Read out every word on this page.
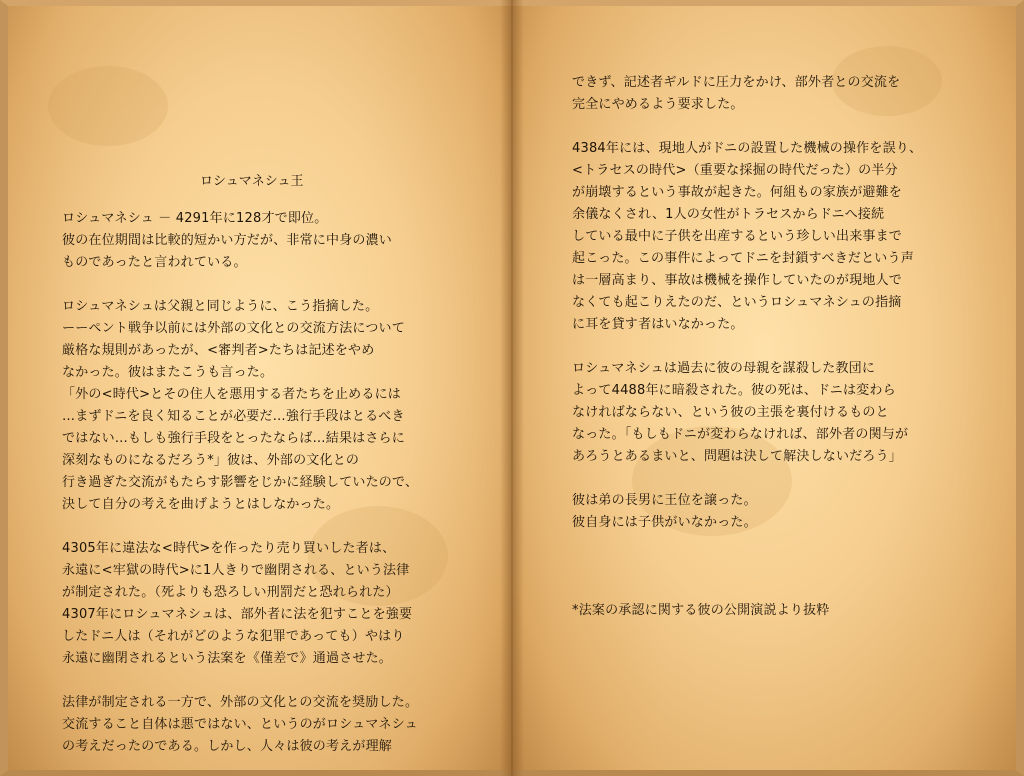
ロシュマネシュ王
ロシュマネシュ － 4291年に128才で即位。
彼の在位期間は比較的短かい方だが、非常に中身の濃い
ものであったと言われている。
ロシュマネシュは父親と同じように、こう指摘した。
ーーペント戦争以前には外部の文化との交流方法について
厳格な規則があったが、<審判者>たちは記述をやめ
なかった。彼はまたこうも言った。
「外の<時代>とその住人を悪用する者たちを止めるには
…まずドニを良く知ることが必要だ…強行手段はとるべき
ではない…もしも強行手段をとったならば…結果はさらに
深刻なものになるだろう*」彼は、外部の文化との
行き過ぎた交流がもたらす影響をじかに経験していたので、
決して自分の考えを曲げようとはしなかった。
4305年に違法な<時代>を作ったり売り買いした者は、
永遠に<牢獄の時代>に1人きりで幽閉される、という法律
が制定された。（死よりも恐ろしい刑罰だと恐れられた）
4307年にロシュマネシュは、部外者に法を犯すことを強要
したドニ人は（それがどのような犯罪であっても）やはり
永遠に幽閉されるという法案を《僅差で》通過させた。
法律が制定される一方で、外部の文化との交流を奨励した。
交流すること自体は悪ではない、というのがロシュマネシュ
の考えだったのである。しかし、人々は彼の考えが理解
できず、記述者ギルドに圧力をかけ、部外者との交流を
完全にやめるよう要求した。
4384年には、現地人がドニの設置した機械の操作を誤り、
<トラセスの時代>（重要な採掘の時代だった）の半分
が崩壊するという事故が起きた。何組もの家族が避難を
余儀なくされ、1人の女性がトラセスからドニへ接続
している最中に子供を出産するという珍しい出来事まで
起こった。この事件によってドニを封鎖すべきだという声
は一層高まり、事故は機械を操作していたのが現地人で
なくても起こりえたのだ、というロシュマネシュの指摘
に耳を貸す者はいなかった。
ロシュマネシュは過去に彼の母親を謀殺した教団に
よって4488年に暗殺された。彼の死は、ドニは変わら
なければならない、という彼の主張を裏付けるものと
なった。「もしもドニが変わらなければ、部外者の関与が
あろうとあるまいと、問題は決して解決しないだろう」
彼は弟の長男に王位を譲った。
彼自身には子供がいなかった。
*法案の承認に関する彼の公開演説より抜粋
